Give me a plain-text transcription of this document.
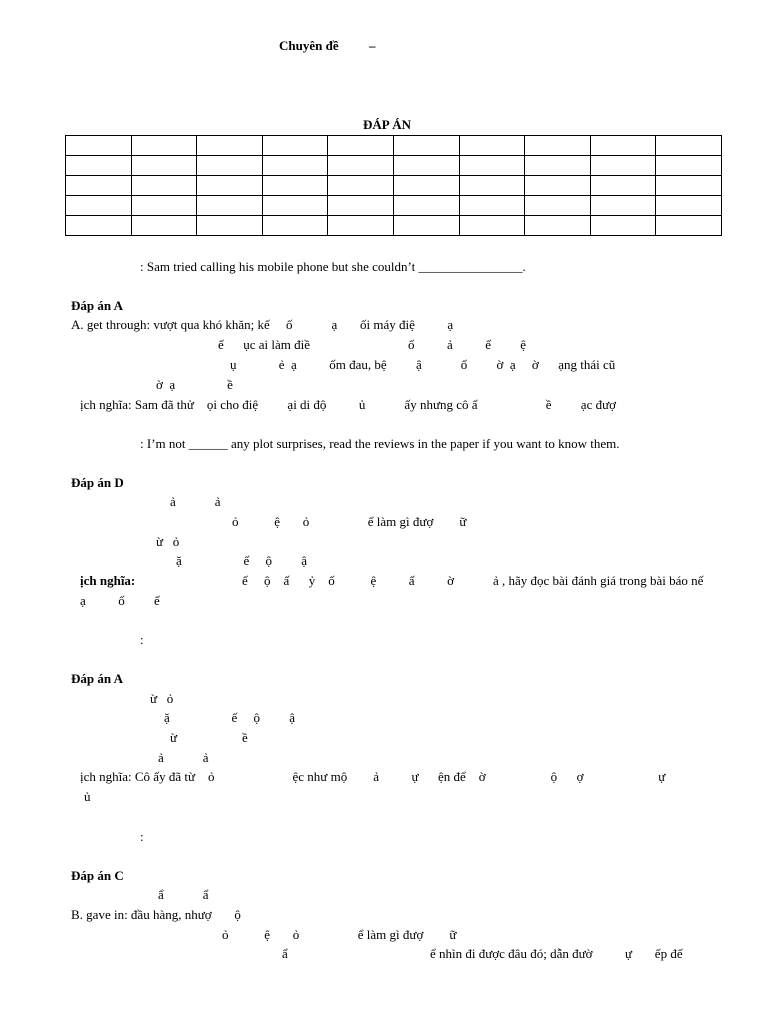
Chuyên đề –
ĐÁP ÁN

: Sam tried calling his mobile phone but she couldn’t ________________.
Đáp án A
A. get through: vượt qua khó khăn; kế     ố            ạ       ối máy điệ          ạ
ế      ục ai làm điề	ố          ả          ế         ệ
ụ             ẻ  ạ          ốm đau, bệ         ậ            ố         ờ  ạ     ờ      ạng thái cũ
ờ  ạ                ề
ịch nghĩa: Sam đã thử    ọi cho điệ         ại di độ          ủ            ấy nhưng cô ấ                     ề         ạc đượ
: I’m not ______ any plot surprises, read the reviews in the paper if you want to know them.
Đáp án D
ả            ả
ỏ           ệ       ỏ                  ể làm gì đượ        ữ
ừ   ỏ
ặ                   ế     ộ         ậ
ịch nghĩa:	ế     ộ    ấ      ỷ    ố           ệ          ấ          ờ            ả , hãy đọc bài đánh giá trong bài báo nế
ạ          ố         ế
:
Đáp án A
ừ   ỏ
ặ                   ế     ộ         ậ
ừ                    ề
ả            ả
ịch nghĩa: Cô ấy đã từ    ỏ                        ệc như mộ        ả          ự      ện để    ờ                    ộ      ợ                       ự
ủ
:
Đáp án C
ẩ            ẩ
B. gave in: đầu hàng, nhượ       ộ
ỏ           ệ       ỏ                  ể làm gì đượ        ữ
ẩ	ể nhìn đi được đâu đó; dẫn đườ          ự       ếp đế
